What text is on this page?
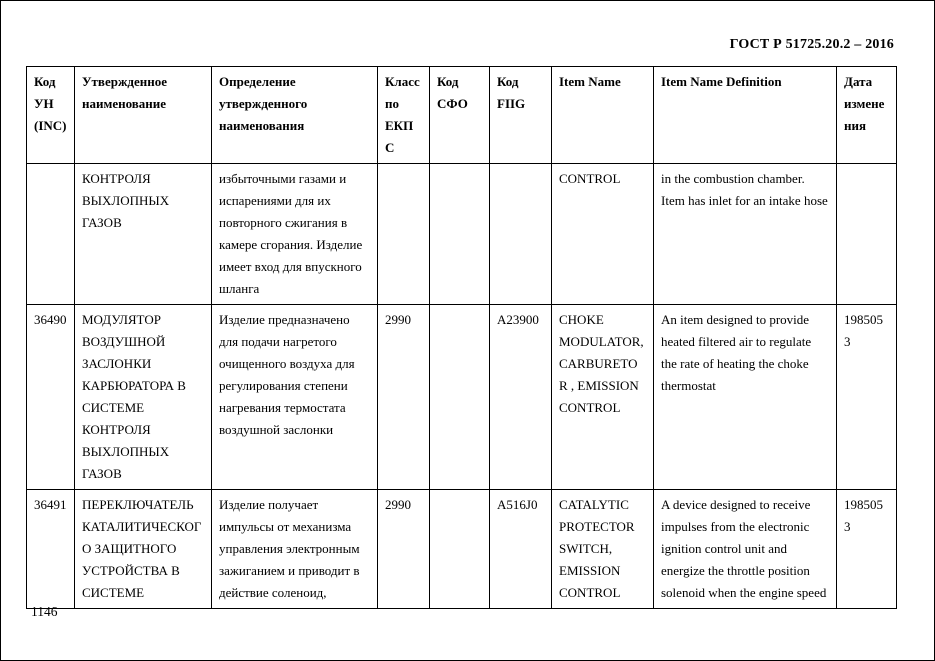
ГОСТ Р 51725.20.2 – 2016
Код УН (INC)	Утвержденное наименование	Определение утвержденного наименования	Класс по ЕКПС	Код СФО	Код FIIG	Item Name	Item Name Definition	Дата изменения
	КОНТРОЛЯ ВЫХЛОПНЫХ ГАЗОВ	избыточными газами и испарениями для их повторного сжигания в камере сгорания. Изделие имеет вход для впускного шланга				CONTROL	in the combustion chamber. Item has inlet for an intake hose	
36490	МОДУЛЯТОР ВОЗДУШНОЙ ЗАСЛОНКИ КАРБЮРАТОРА В СИСТЕМЕ КОНТРОЛЯ ВЫХЛОПНЫХ ГАЗОВ	Изделие предназначено для подачи нагретого очищенного воздуха для регулирования степени нагревания термостата воздушной заслонки	2990		A23900	CHOKE MODULATOR, CARBURETOR , EMISSION CONTROL	An item designed to provide heated filtered air to regulate the rate of heating the choke thermostat	1985053
36491	ПЕРЕКЛЮЧАТЕЛЬ КАТАЛИТИЧЕСКОГО ЗАЩИТНОГО УСТРОЙСТВА В СИСТЕМЕ	Изделие получает импульсы от механизма управления электронным зажиганием и приводит в действие соленоид,	2990		A516J0	CATALYTIC PROTECTOR SWITCH, EMISSION CONTROL	A device designed to receive impulses from the electronic ignition control unit and energize the throttle position solenoid when the engine speed	1985053
1146
